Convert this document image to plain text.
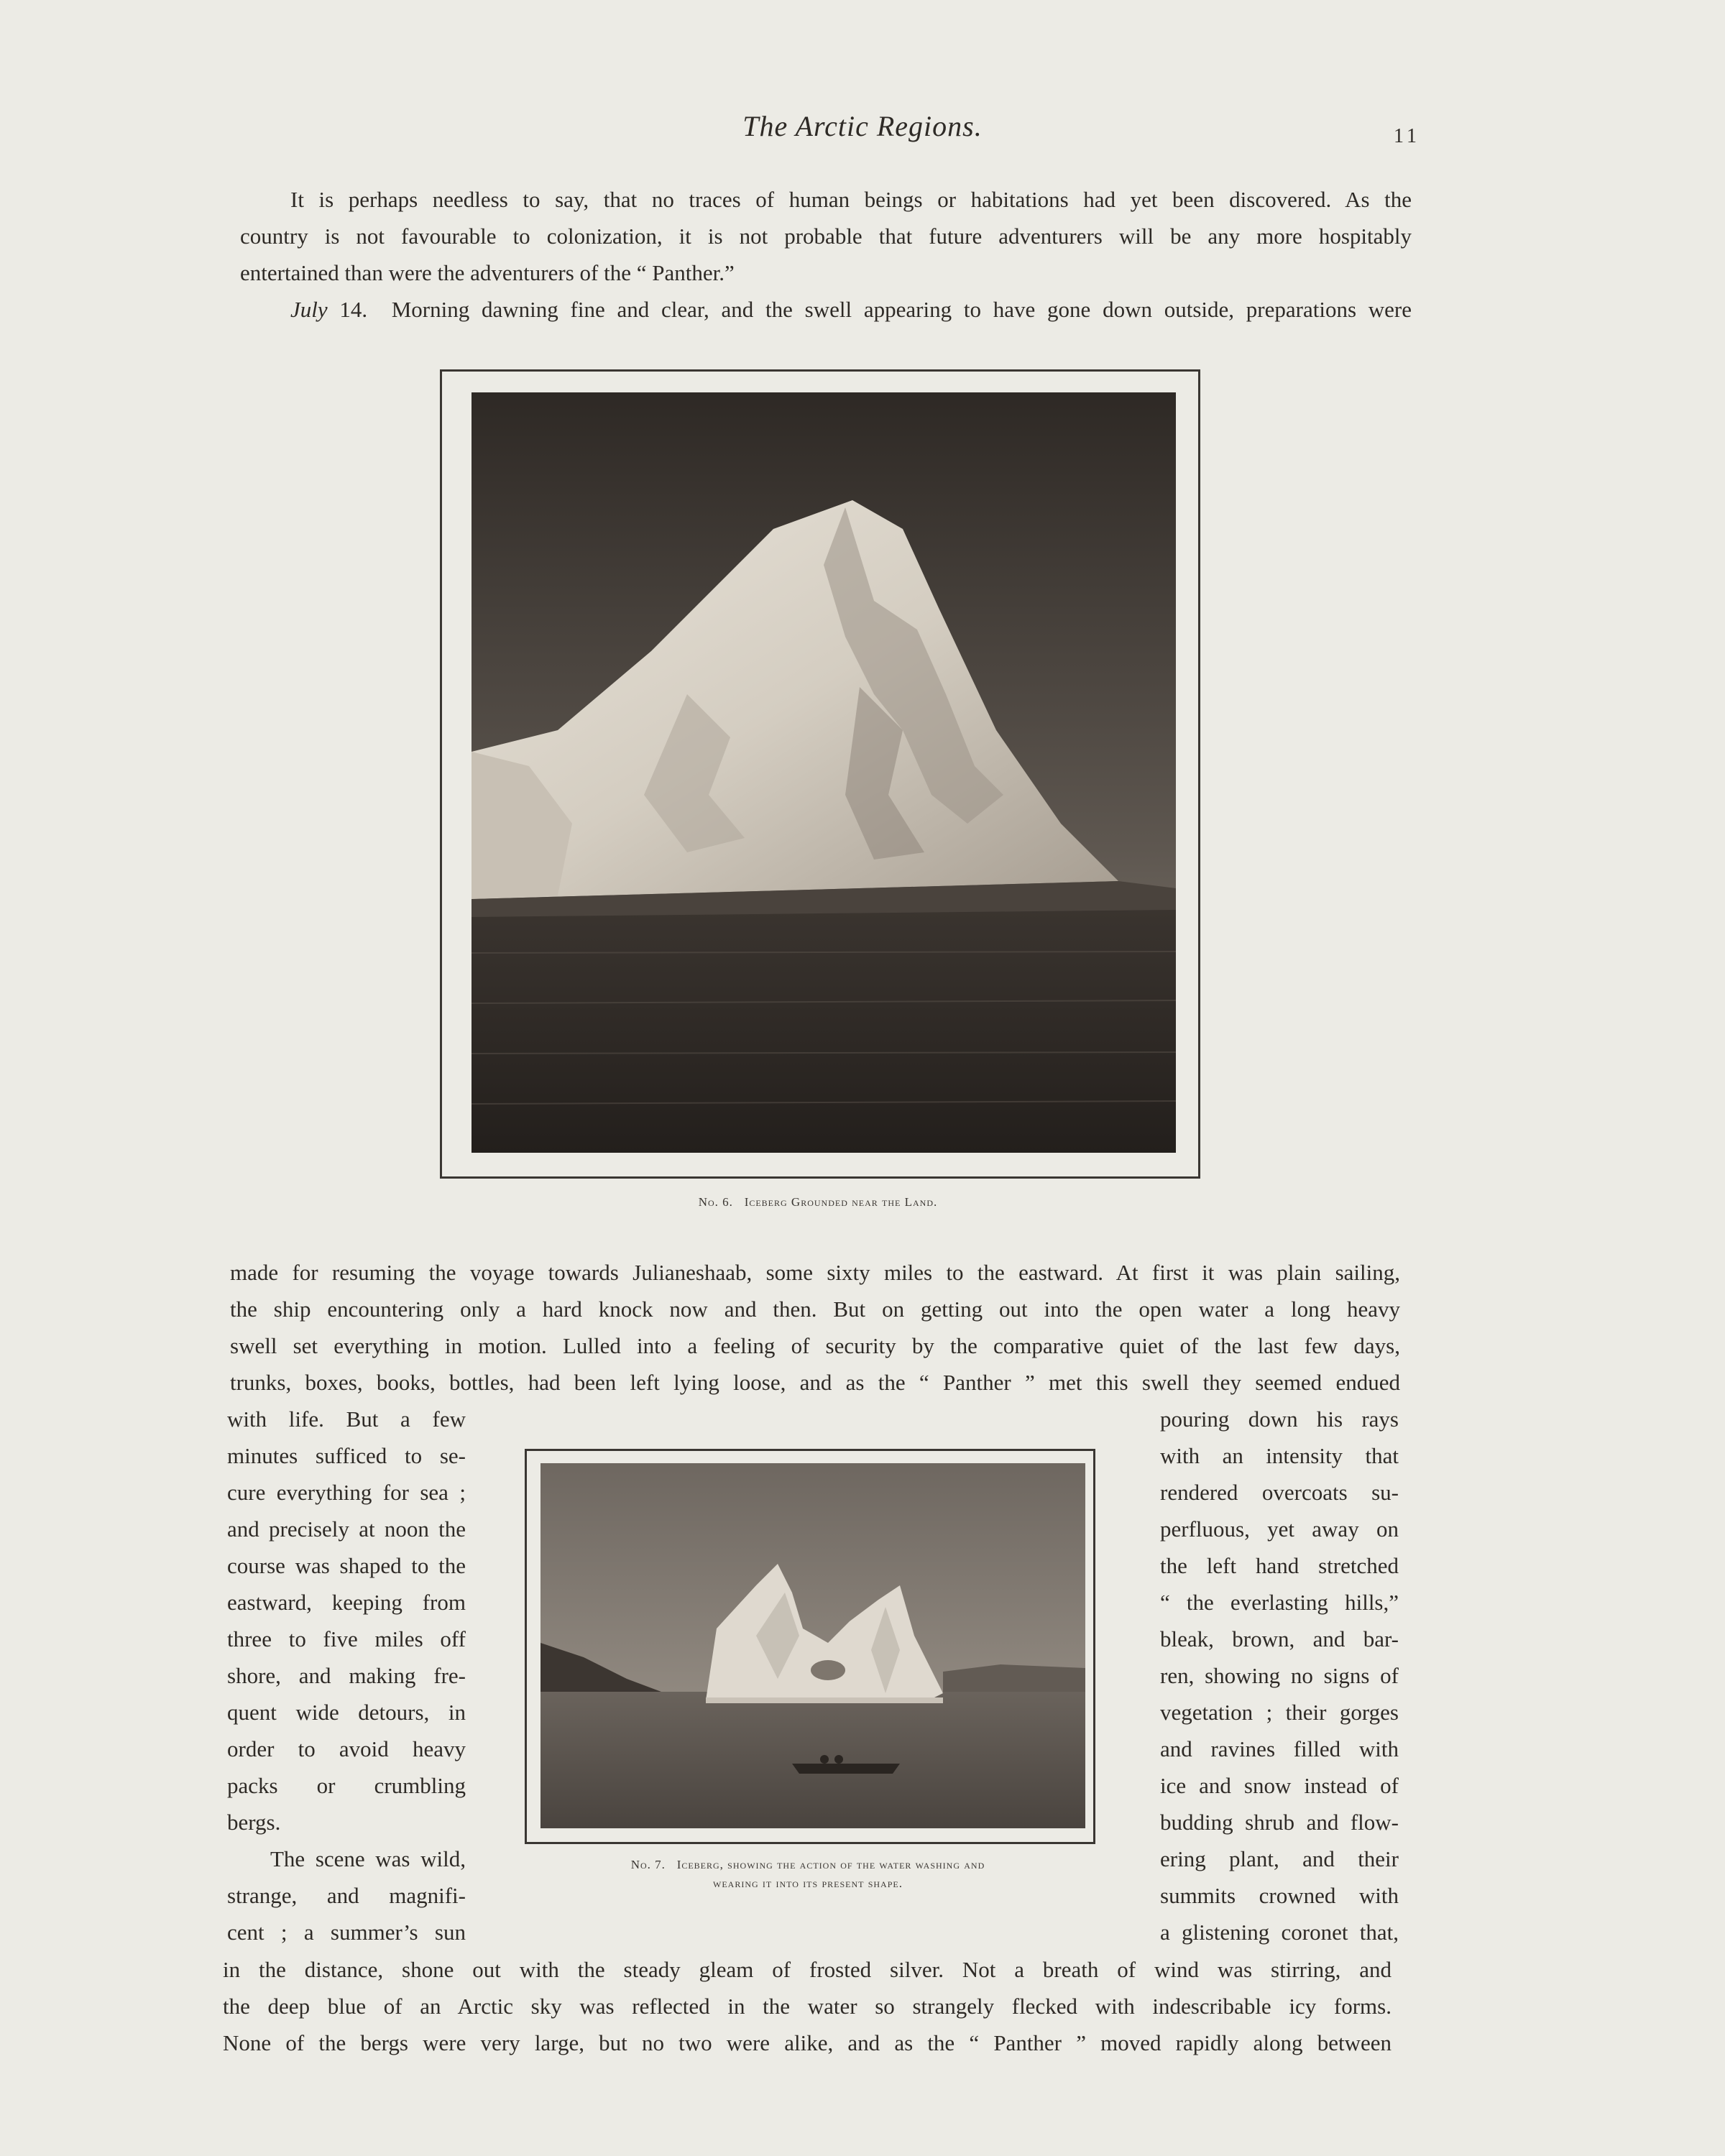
The Arctic Regions.	11
It is perhaps needless to say, that no traces of human beings or habitations had yet been discovered. As the
country is not favourable to colonization, it is not probable that future adventurers will be any more hospitably
entertained than were the adventurers of the “ Panther.”
July 14. Morning dawning fine and clear, and the swell appearing to have gone down outside, preparations were
No. 6. Iceberg Grounded near the Land.
made for resuming the voyage towards Julianeshaab, some sixty miles to the eastward. At first it was plain sailing,
the ship encountering only a hard knock now and then. But on getting out into the open water a long heavy
swell set everything in motion. Lulled into a feeling of security by the comparative quiet of the last few days,
trunks, boxes, books, bottles, had been left lying loose, and as the “ Panther ” met this swell they seemed endued
with life. But a few
minutes sufficed to se-
cure everything for sea ;
and precisely at noon the
course was shaped to the
eastward, keeping from
three to five miles off
shore, and making fre-
quent wide detours, in
order to avoid heavy
packs or crumbling
bergs.
The scene was wild,
strange, and magnifi-
cent ; a summer’s sun
No. 7. Iceberg, showing the action of the water washing and
wearing it into its present shape.
pouring down his rays
with an intensity that
rendered overcoats su-
perfluous, yet away on
the left hand stretched
“ the everlasting hills,”
bleak, brown, and bar-
ren, showing no signs of
vegetation ; their gorges
and ravines filled with
ice and snow instead of
budding shrub and flow-
ering plant, and their
summits crowned with
a glistening coronet that,
in the distance, shone out with the steady gleam of frosted silver. Not a breath of wind was stirring, and
the deep blue of an Arctic sky was reflected in the water so strangely flecked with indescribable icy forms.
None of the bergs were very large, but no two were alike, and as the “ Panther ” moved rapidly along between
